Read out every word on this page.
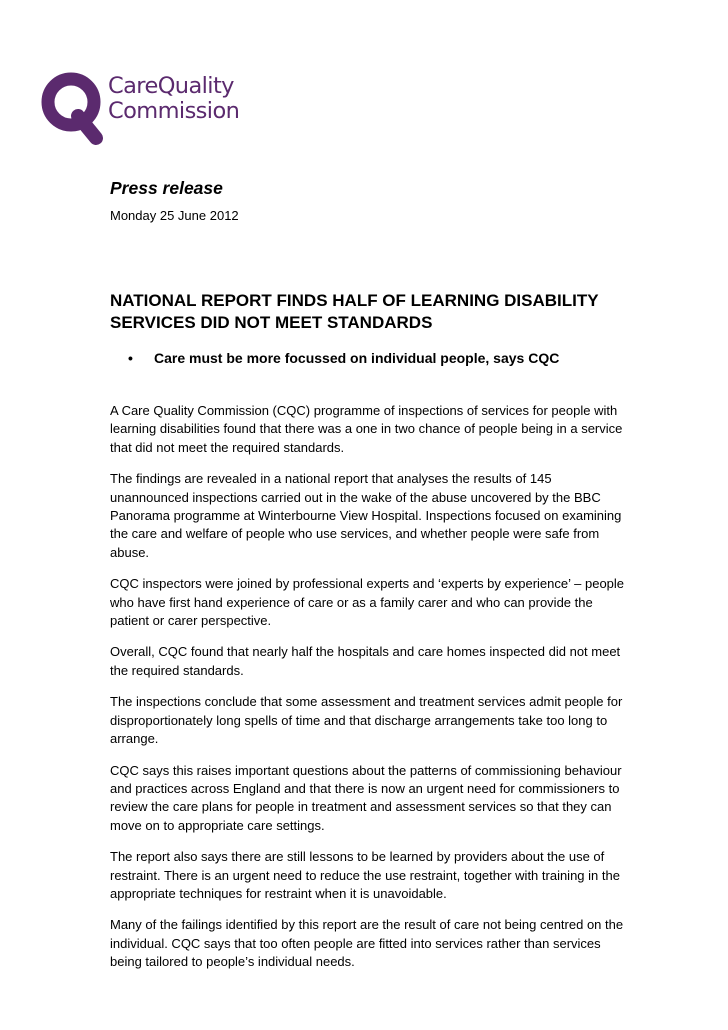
CareQuality
Commission
Press release
Monday 25 June 2012
NATIONAL REPORT FINDS HALF OF LEARNING DISABILITY
SERVICES DID NOT MEET STANDARDS
• Care must be more focussed on individual people, says CQC

A Care Quality Commission (CQC) programme of inspections of services for people with learning disabilities found that there was a one in two chance of people being in a service that did not meet the required standards.

The findings are revealed in a national report that analyses the results of 145 unannounced inspections carried out in the wake of the abuse uncovered by the BBC Panorama programme at Winterbourne View Hospital. Inspections focused on examining the care and welfare of people who use services, and whether people were safe from abuse.

CQC inspectors were joined by professional experts and ‘experts by experience’ – people who have first hand experience of care or as a family carer and who can provide the patient or carer perspective.

Overall, CQC found that nearly half the hospitals and care homes inspected did not meet the required standards.

The inspections conclude that some assessment and treatment services admit people for disproportionately long spells of time and that discharge arrangements take too long to arrange.

CQC says this raises important questions about the patterns of commissioning behaviour and practices across England and that there is now an urgent need for commissioners to review the care plans for people in treatment and assessment services so that they can move on to appropriate care settings.

The report also says there are still lessons to be learned by providers about the use of restraint. There is an urgent need to reduce the use restraint, together with training in the appropriate techniques for restraint when it is unavoidable.

Many of the failings identified by this report are the result of care not being centred on the individual. CQC says that too often people are fitted into services rather than services being tailored to people’s individual needs.
